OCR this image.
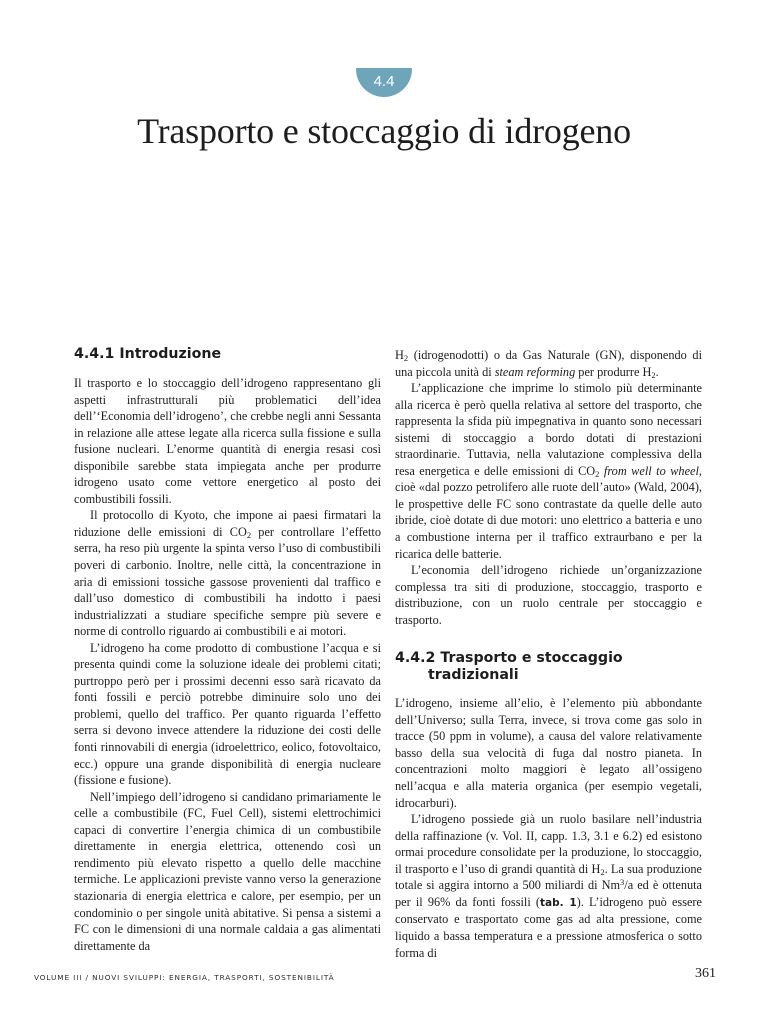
4.4
Trasporto e stoccaggio di idrogeno
4.4.1 Introduzione

Il trasporto e lo stoccaggio dell’idrogeno rappresentano gli aspetti infrastrutturali più problematici dell’idea dell’‘Economia dell’idrogeno’, che crebbe negli anni Sessanta in relazione alle attese legate alla ricerca sulla fissione e sulla fusione nucleari. L’enorme quantità di energia resasi così disponibile sarebbe stata impiegata anche per produrre idrogeno usato come vettore energetico al posto dei combustibili fossili.

Il protocollo di Kyoto, che impone ai paesi firmatari la riduzione delle emissioni di $CO_2$ per controllare l’effetto serra, ha reso più urgente la spinta verso l’uso di combustibili poveri di carbonio. Inoltre, nelle città, la concentrazione in aria di emissioni tossiche gassose provenienti dal traffico e dall’uso domestico di combustibili ha indotto i paesi industrializzati a studiare specifiche sempre più severe e norme di controllo riguardo ai combustibili e ai motori.

L’idrogeno ha come prodotto di combustione l’acqua e si presenta quindi come la soluzione ideale dei problemi citati; purtroppo però per i prossimi decenni esso sarà ricavato da fonti fossili e perciò potrebbe diminuire solo uno dei problemi, quello del traffico. Per quanto riguarda l’effetto serra si devono invece attendere la riduzione dei costi delle fonti rinnovabili di energia (idroelettrico, eolico, fotovoltaico, ecc.) oppure una grande disponibilità di energia nucleare (fissione e fusione).

Nell’impiego dell’idrogeno si candidano primariamente le celle a combustibile (FC, Fuel Cell), sistemi elettrochimici capaci di convertire l’energia chimica di un combustibile direttamente in energia elettrica, ottenendo così un rendimento più elevato rispetto a quello delle macchine termiche. Le applicazioni previste vanno verso la generazione stazionaria di energia elettrica e calore, per esempio, per un condominio o per singole unità abitative. Si pensa a sistemi a FC con le dimensioni di una normale caldaia a gas alimentati direttamente da

$H_2$ (idrogenodotti) o da Gas Naturale (GN), disponendo di una piccola unità di steam reforming per produrre $H_2$.

L’applicazione che imprime lo stimolo più determinante alla ricerca è però quella relativa al settore del trasporto, che rappresenta la sfida più impegnativa in quanto sono necessari sistemi di stoccaggio a bordo dotati di prestazioni straordinarie. Tuttavia, nella valutazione complessiva della resa energetica e delle emissioni di $CO_2$ from well to wheel, cioè «dal pozzo petrolifero alle ruote dell’auto» (Wald, 2004), le prospettive delle FC sono contrastate da quelle delle auto ibride, cioè dotate di due motori: uno elettrico a batteria e uno a combustione interna per il traffico extraurbano e per la ricarica delle batterie.

L’economia dell’idrogeno richiede un’organizzazione complessa tra siti di produzione, stoccaggio, trasporto e distribuzione, con un ruolo centrale per stoccaggio e trasporto.

4.4.2 Trasporto e stoccaggio
tradizionali

L’idrogeno, insieme all’elio, è l’elemento più abbondante dell’Universo; sulla Terra, invece, si trova come gas solo in tracce (50 ppm in volume), a causa del valore relativamente basso della sua velocità di fuga dal nostro pianeta. In concentrazioni molto maggiori è legato all’ossigeno nell’acqua e alla materia organica (per esempio vegetali, idrocarburi).

L’idrogeno possiede già un ruolo basilare nell’industria della raffinazione (v. Vol. II, capp. 1.3, 3.1 e 6.2) ed esistono ormai procedure consolidate per la produzione, lo stoccaggio, il trasporto e l’uso di grandi quantità di $H_2$. La sua produzione totale si aggira intorno a 500 miliardi di Nm$^3$/a ed è ottenuta per il 96% da fonti fossili (tab. 1). L’idrogeno può essere conservato e trasportato come gas ad alta pressione, come liquido a bassa temperatura e a pressione atmosferica o sotto forma di

VOLUME III / NUOVI SVILUPPI: ENERGIA, TRASPORTI, SOSTENIBILITÀ	361
